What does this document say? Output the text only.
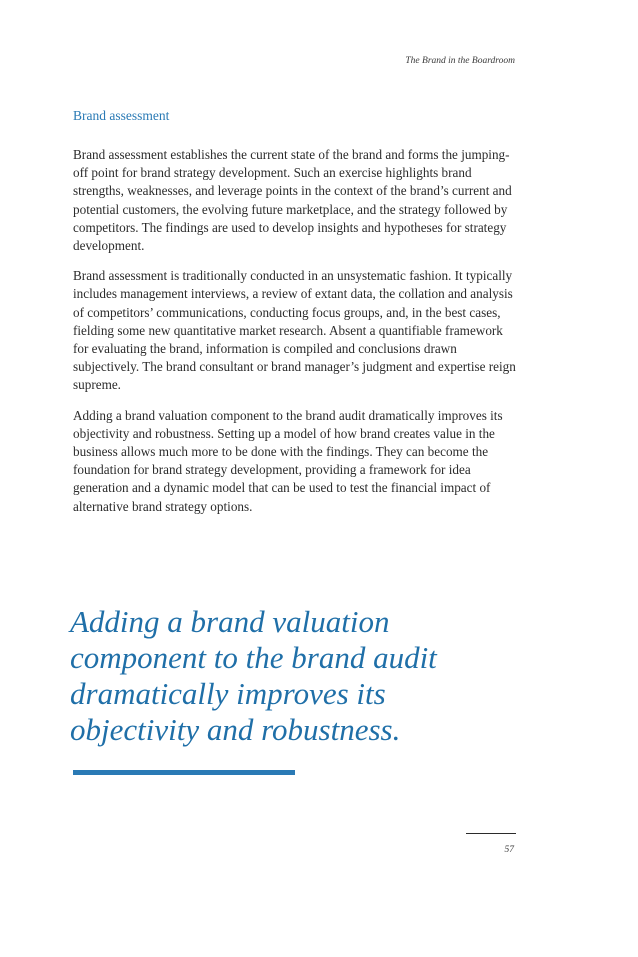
The Brand in the Boardroom
Brand assessment

Brand assessment establishes the current state of the brand and forms the jumping-off point for brand strategy development. Such an exercise highlights brand strengths, weaknesses, and leverage points in the context of the brand’s current and potential customers, the evolving future marketplace, and the strategy followed by competitors. The findings are used to develop insights and hypotheses for strategy development.

Brand assessment is traditionally conducted in an unsystematic fashion. It typically includes management interviews, a review of extant data, the collation and analysis of competitors’ communications, conducting focus groups, and, in the best cases, fielding some new quantitative market research. Absent a quantifiable framework for evaluating the brand, information is compiled and conclusions drawn subjectively. The brand consultant or brand manager’s judgment and expertise reign supreme.

Adding a brand valuation component to the brand audit dramatically improves its objectivity and robustness. Setting up a model of how brand creates value in the business allows much more to be done with the findings. They can become the foundation for brand strategy development, providing a framework for idea generation and a dynamic model that can be used to test the financial impact of alternative brand strategy options.

Adding a brand valuation component to the brand audit dramatically improves its objectivity and robustness.

57
